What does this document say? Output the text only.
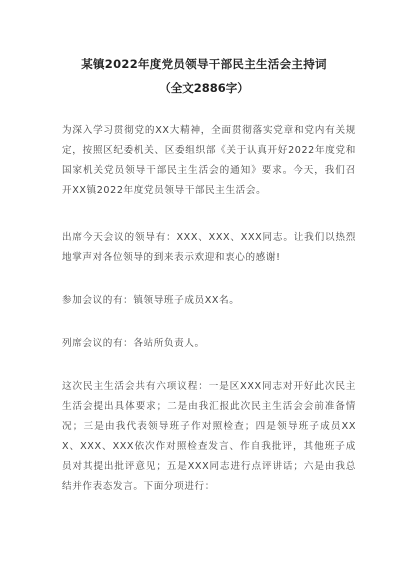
某镇2022年度党员领导干部民主生活会主持词
（全文2886字）

为深入学习贯彻党的XX大精神，全面贯彻落实党章和党内有关规定，按照区纪委机关、区委组织部《关于认真开好2022年度党和国家机关党员领导干部民主生活会的通知》要求。今天，我们召开XX镇2022年度党员领导干部民主生活会。

出席今天会议的领导有：XXX、XXX、XXX同志。让我们以热烈地掌声对各位领导的到来表示欢迎和衷心的感谢!

参加会议的有：镇领导班子成员XX名。

列席会议的有：各站所负责人。

这次民主生活会共有六项议程：一是区XXX同志对开好此次民主生活会提出具体要求；二是由我汇报此次民主生活会会前准备情况；三是由我代表领导班子作对照检查；四是领导班子成员XXX、XXX、XXX依次作对照检查发言、作自我批评，其他班子成员对其提出批评意见；五是XXX同志进行点评讲话；六是由我总结并作表态发言。下面分项进行：
